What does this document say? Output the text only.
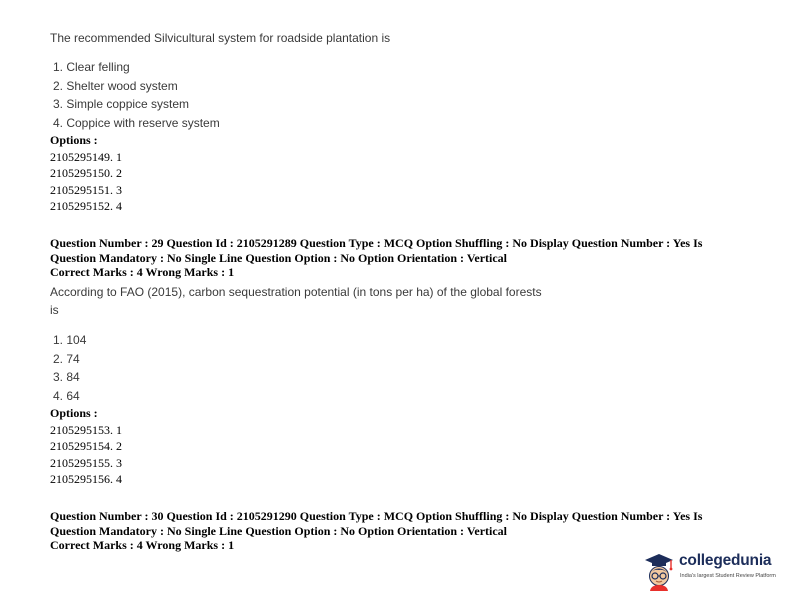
The recommended Silvicultural system for roadside plantation is
1. Clear felling
2. Shelter wood system
3. Simple coppice system
4. Coppice with reserve system
Options :
2105295149. 1
2105295150. 2
2105295151. 3
2105295152. 4
Question Number : 29 Question Id : 2105291289 Question Type : MCQ Option Shuffling : No Display Question Number : Yes Is
Question Mandatory : No Single Line Question Option : No Option Orientation : Vertical
Correct Marks : 4 Wrong Marks : 1
According to FAO (2015), carbon sequestration potential (in tons per ha) of the global forests
is
1. 104
2. 74
3. 84
4. 64
Options :
2105295153. 1
2105295154. 2
2105295155. 3
2105295156. 4
Question Number : 30 Question Id : 2105291290 Question Type : MCQ Option Shuffling : No Display Question Number : Yes Is
Question Mandatory : No Single Line Question Option : No Option Orientation : Vertical
Correct Marks : 4 Wrong Marks : 1
collegedunia
India's largest Student Review Platform
